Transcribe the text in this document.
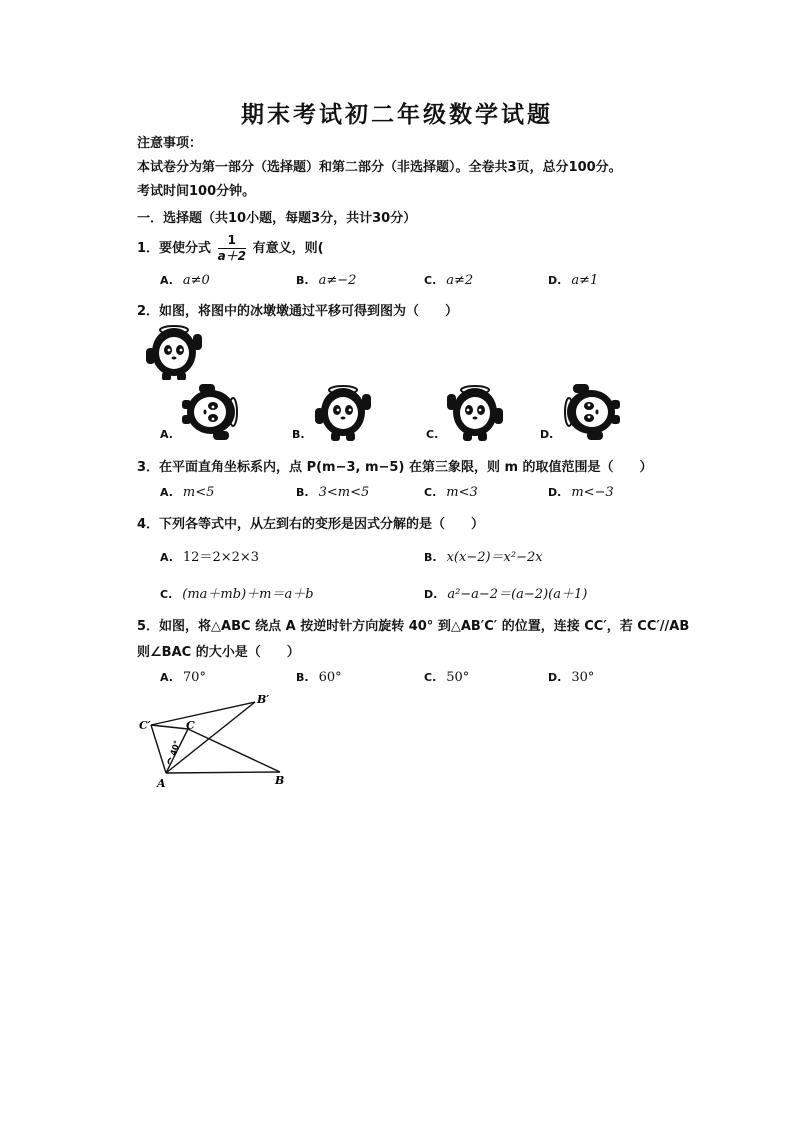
期末考试初二年级数学试题
注意事项：
本试卷分为第一部分（选择题）和第二部分（非选择题）。全卷共3页，总分100分。
考试时间100分钟。
一．选择题（共10小题，每题3分，共计30分）
1．要使分式 $\frac{1}{a+2}$ 有意义，则(
A. a≠0	B. a≠−2	C. a≠2	D. a≠1
2．如图，将图中的冰墩墩通过平移可得到图为（　　）
A.	B.	C.	D.
3．在平面直角坐标系内，点 P(m−3, m−5) 在第三象限，则 m 的取值范围是（　　）
A. m<5	B. 3<m<5	C. m<3	D. m<−3
4．下列各等式中，从左到右的变形是因式分解的是（　　）
A. 12＝2×2×3	B. x(x−2)＝x²−2x
C. (ma＋mb)＋m＝a＋b	D. a²−a−2＝(a−2)(a＋1)
5．如图，将△ABC 绕点 A 按逆时针方向旋转 40° 到△AB′C′ 的位置，连接 CC′，若 CC′//AB
则∠BAC 的大小是（　　）
A. 70°	B. 60°	C. 50°	D. 30°
A	B
C
C′
B′
40°
